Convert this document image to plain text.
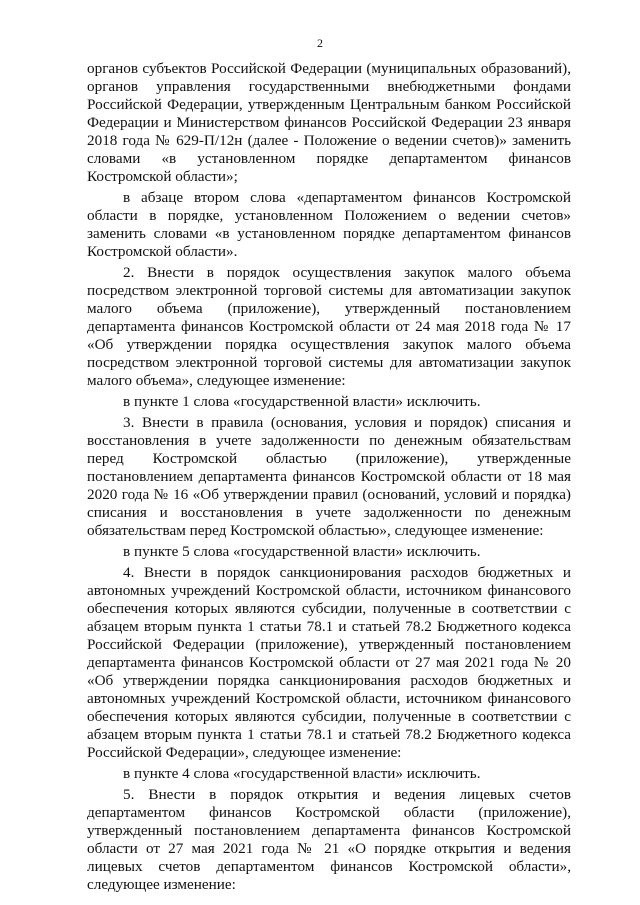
2

органов субъектов Российской Федерации (муниципальных образований), органов управления государственными внебюджетными фондами Российской Федерации, утвержденным Центральным банком Российской Федерации и Министерством финансов Российской Федерации 23 января 2018 года № 629-П/12н (далее - Положение о ведении счетов)» заменить словами «в установленном порядке департаментом финансов Костромской области»;

в абзаце втором слова «департаментом финансов Костромской области в порядке, установленном Положением о ведении счетов» заменить словами «в установленном порядке департаментом финансов Костромской области».

2. Внести в порядок осуществления закупок малого объема посредством электронной торговой системы для автоматизации закупок малого объема (приложение), утвержденный постановлением департамента финансов Костромской области от 24 мая 2018 года № 17 «Об утверждении порядка осуществления закупок малого объема посредством электронной торговой системы для автоматизации закупок малого объема», следующее изменение:

в пункте 1 слова «государственной власти» исключить.

3. Внести в правила (основания, условия и порядок) списания и восстановления в учете задолженности по денежным обязательствам перед Костромской областью (приложение), утвержденные постановлением департамента финансов Костромской области от 18 мая 2020 года № 16 «Об утверждении правил (оснований, условий и порядка) списания и восстановления в учете задолженности по денежным обязательствам перед Костромской областью», следующее изменение:

в пункте 5 слова «государственной власти» исключить.

4. Внести в порядок санкционирования расходов бюджетных и автономных учреждений Костромской области, источником финансового обеспечения которых являются субсидии, полученные в соответствии с абзацем вторым пункта 1 статьи 78.1 и статьей 78.2 Бюджетного кодекса Российской Федерации (приложение), утвержденный постановлением департамента финансов Костромской области от 27 мая 2021 года № 20 «Об утверждении порядка санкционирования расходов бюджетных и автономных учреждений Костромской области, источником финансового обеспечения которых являются субсидии, полученные в соответствии с абзацем вторым пункта 1 статьи 78.1 и статьей 78.2 Бюджетного кодекса Российской Федерации», следующее изменение:

в пункте 4 слова «государственной власти» исключить.

5. Внести в порядок открытия и ведения лицевых счетов департаментом финансов Костромской области (приложение), утвержденный постановлением департамента финансов Костромской области от 27 мая 2021 года № 21 «О порядке открытия и ведения лицевых счетов департаментом финансов Костромской области», следующее изменение:
